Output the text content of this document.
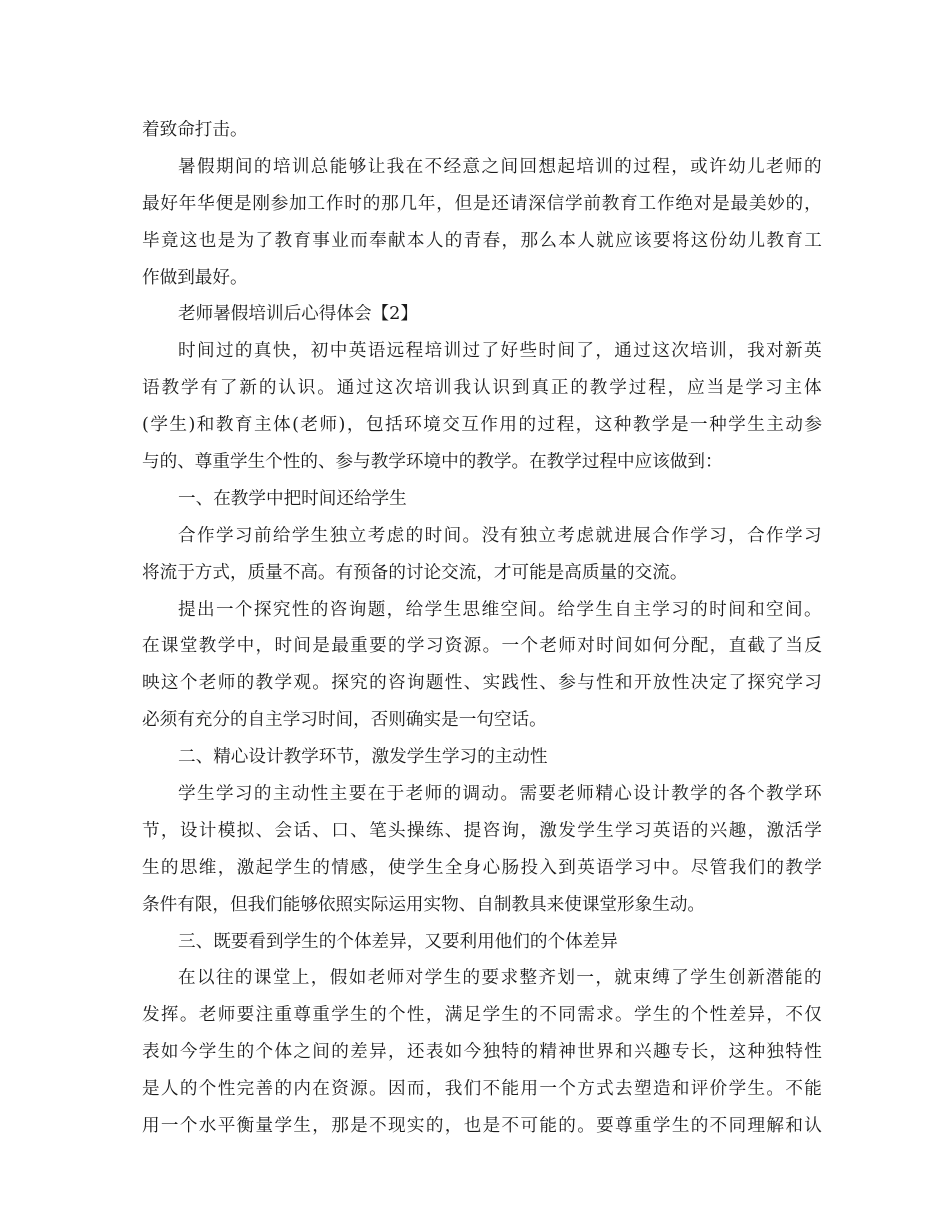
着致命打击。
暑 假 期 间 的 培 训 总 能 够 让 我 在 不 经 意 之 间 回 想 起 培 训 的 过 程 ， 或 许 幼 儿 老 师 的
最 好 年 华 便 是 刚 参 加 工 作 时 的 那 几 年 ， 但 是 还 请 深 信 学 前 教 育 工 作 绝 对 是 最 美 妙 的 ，
毕 竟 这 也 是 为 了 教 育 事 业 而 奉 献 本 人 的 青 春 ， 那 么 本 人 就 应 该 要 将 这 份 幼 儿 教 育 工
作做到最好。
老师暑假培训后心得体会【2】
时 间 过 的 真 快 ， 初 中 英 语 远 程 培 训 过 了 好 些 时 间 了 ， 通 过 这 次 培 训 ， 我 对 新 英
语 教 学 有 了 新 的 认 识 。 通 过 这 次 培 训 我 认 识 到 真 正 的 教 学 过 程 ， 应 当 是 学 习 主 体
( 学 生 ) 和 教 育 主 体 ( 老 师 ) ， 包 括 环 境 交 互 作 用 的 过 程 ， 这 种 教 学 是 一 种 学 生 主 动 参
与的、尊重学生个性的、参与教学环境中的教学。在教学过程中应该做到：
一、在教学中把时间还给学生
合 作 学 习 前 给 学 生 独 立 考 虑 的 时 间 。 没 有 独 立 考 虑 就 进 展 合 作 学 习 ， 合 作 学 习
将流于方式，质量不高。有预备的讨论交流，才可能是高质量的交流。
提 出 一 个 探 究 性 的 咨 询 题 ， 给 学 生 思 维 空 间 。 给 学 生 自 主 学 习 的 时 间 和 空 间 。
在 课 堂 教 学 中 ， 时 间 是 最 重 要 的 学 习 资 源 。 一 个 老 师 对 时 间 如 何 分 配 ， 直 截 了 当 反
映 这 个 老 师 的 教 学 观 。 探 究 的 咨 询 题 性 、 实 践 性 、 参 与 性 和 开 放 性 决 定 了 探 究 学 习
必须有充分的自主学习时间，否则确实是一句空话。
二、精心设计教学环节，激发学生学习的主动性
学 生 学 习 的 主 动 性 主 要 在 于 老 师 的 调 动 。 需 要 老 师 精 心 设 计 教 学 的 各 个 教 学 环
节 ， 设 计 模 拟 、 会 话 、 口 、 笔 头 操 练 、 提 咨 询 ， 激 发 学 生 学 习 英 语 的 兴 趣 ， 激 活 学
生 的 思 维 ， 激 起 学 生 的 情 感 ， 使 学 生 全 身 心 肠 投 入 到 英 语 学 习 中 。 尽 管 我 们 的 教 学
条件有限，但我们能够依照实际运用实物、自制教具来使课堂形象生动。
三、既要看到学生的个体差异，又要利用他们的个体差异
在 以 往 的 课 堂 上 ， 假 如 老 师 对 学 生 的 要 求 整 齐 划 一 ， 就 束 缚 了 学 生 创 新 潜 能 的
发 挥 。 老 师 要 注 重 尊 重 学 生 的 个 性 ， 满 足 学 生 的 不 同 需 求 。 学 生 的 个 性 差 异 ， 不 仅
表 如 今 学 生 的 个 体 之 间 的 差 异 ， 还 表 如 今 独 特 的 精 神 世 界 和 兴 趣 专 长 ， 这 种 独 特 性
是 人 的 个 性 完 善 的 内 在 资 源 。 因 而 ， 我 们 不 能 用 一 个 方 式 去 塑 造 和 评 价 学 生 。 不 能
用 一 个 水 平 衡 量 学 生 ， 那 是 不 现 实 的 ， 也 是 不 可 能 的 。 要 尊 重 学 生 的 不 同 理 解 和 认
